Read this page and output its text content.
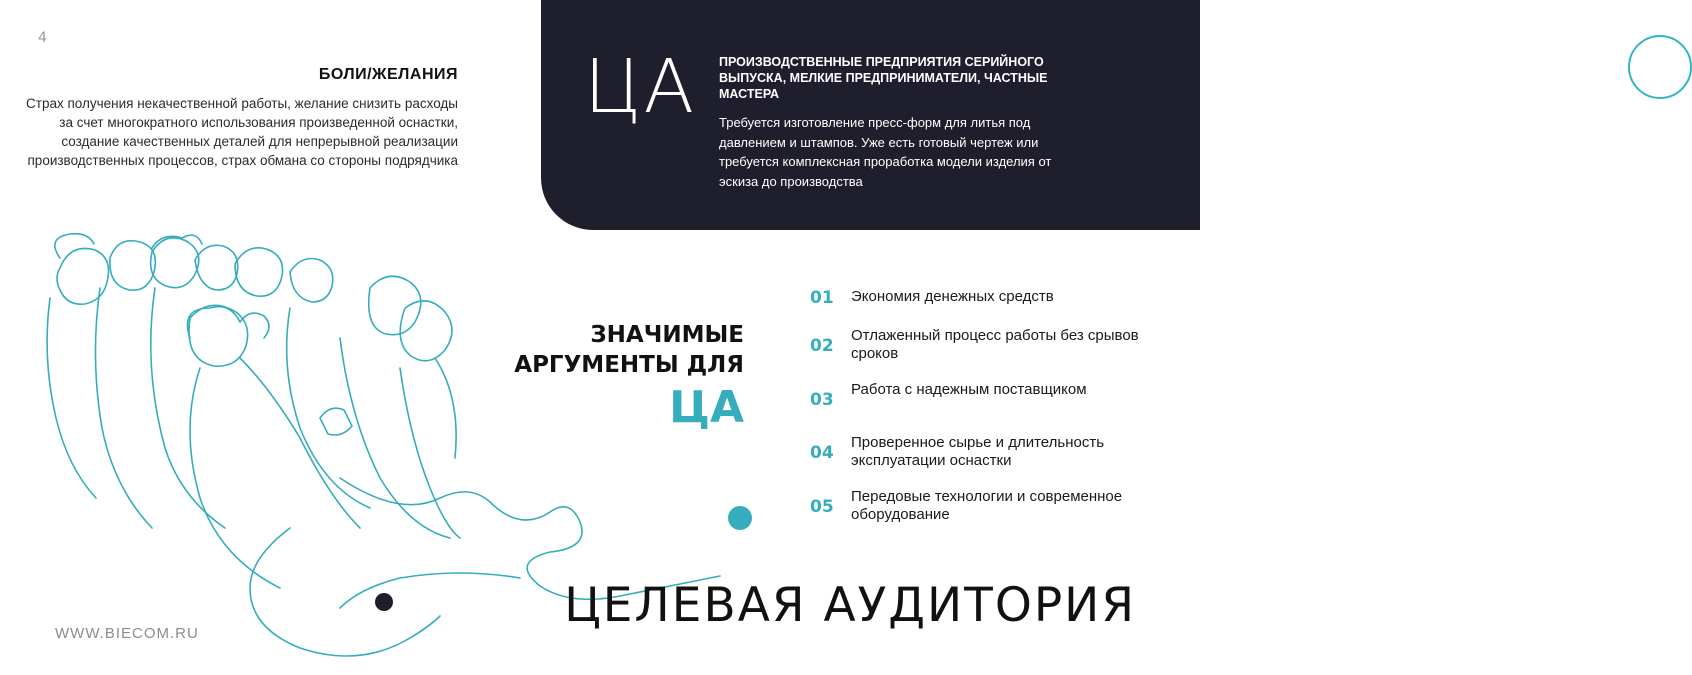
4
БОЛИ/ЖЕЛАНИЯ

Страх получения некачественной работы, желание снизить расходы за счет многократного использования произведенной оснастки, создание качественных деталей для непрерывной реализации производственных процессов, страх обмана со стороны подрядчика

ЦА ПРОИЗВОДСТВЕННЫЕ ПРЕДПРИЯТИЯ СЕРИЙНОГО ВЫПУСКА, МЕЛКИЕ ПРЕДПРИНИМАТЕЛИ, ЧАСТНЫЕ МАСТЕРА
Требуется изготовление пресс-форм для литья под давлением и штампов. Уже есть готовый чертеж или требуется комплексная проработка модели изделия от эскиза до производства
BIE
BIECOM
ЗНАЧИМЫЕ АРГУМЕНТЫ ДЛЯ
ЦА
01 Экономия денежных средств
02
Отлаженный процесс работы без срывов сроков
03
Работа с надежным поставщиком
04
Проверенное сырье и длительность эксплуатации оснастки
05
Передовые технологии и современное оборудование
ЦЕЛЕВАЯ АУДИТОРИЯ
WWW.BIECOM.RU
